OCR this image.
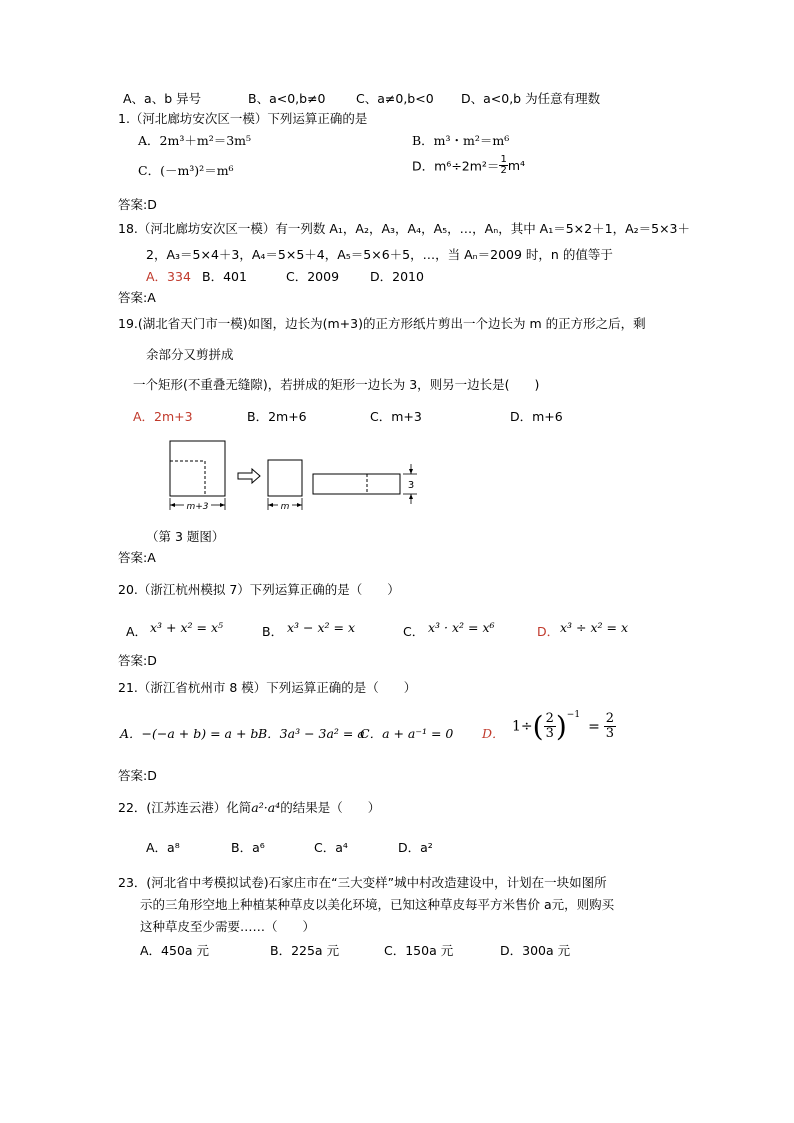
A、a、b 异号	B、a<0,b≠0 C、a≠0,b<0 D、a<0,b 为任意有理数
1.（河北廊坊安次区一模）下列运算正确的是
A．2m³＋m²＝3m⁵	B．m³・m²＝m⁶
C．(－m³)²＝m⁶	D．$m^6\div 2m^2= \frac{1}{2} m^4$
答案:D
18.（河北廊坊安次区一模）有一列数 A₁，A₂，A₃，A₄，A₅，…，Aₙ，其中 A₁＝5×2＋1，A₂＝5×3＋
2，A₃＝5×4＋3，A₄＝5×5＋4，A₅＝5×6＋5，…，当 Aₙ＝2009 时，n 的值等于
A．334 B．401	C．2009 D．2010
答案:A
19.(湖北省天门市一模)如图，边长为(m+3)的正方形纸片剪出一个边长为 m 的正方形之后，剩
余部分又剪拼成
一个矩形(不重叠无缝隙)，若拼成的矩形一边长为 3，则另一边长是(　　)
A．2m+3	B．2m+6	C．m+3	D．m+6
m+3	m
3
（第 3 题图）
答案:A
20.（浙江杭州模拟 7）下列运算正确的是（　　）
A． x³ + x² = x⁵	B． x³ − x² = x	C． x³ · x² = x⁶	D． x³ ÷ x² = x
答案:D
21.（浙江省杭州市 8 模）下列运算正确的是（　　）
A．−(−a + b) = a + b B．3a³ − 3a² = a
C．a + a⁻¹ = 0 D． $1\div( \frac{2}{3} )^{-1} = \frac{2}{3}$
答案:D
22．(江苏连云港）化简a²·a⁴的结果是（　　）
A．a⁸	B．a⁶	C．a⁴	D．a²
23．(河北省中考模拟试卷)石家庄市在“三大变样”城中村改造建设中，计划在一块如图所
示的三角形空地上种植某种草皮以美化环境，已知这种草皮每平方米售价 a元，则购买
这种草皮至少需要……（　　）
A．450a 元	B．225a 元	C．150a 元	D．300a 元
